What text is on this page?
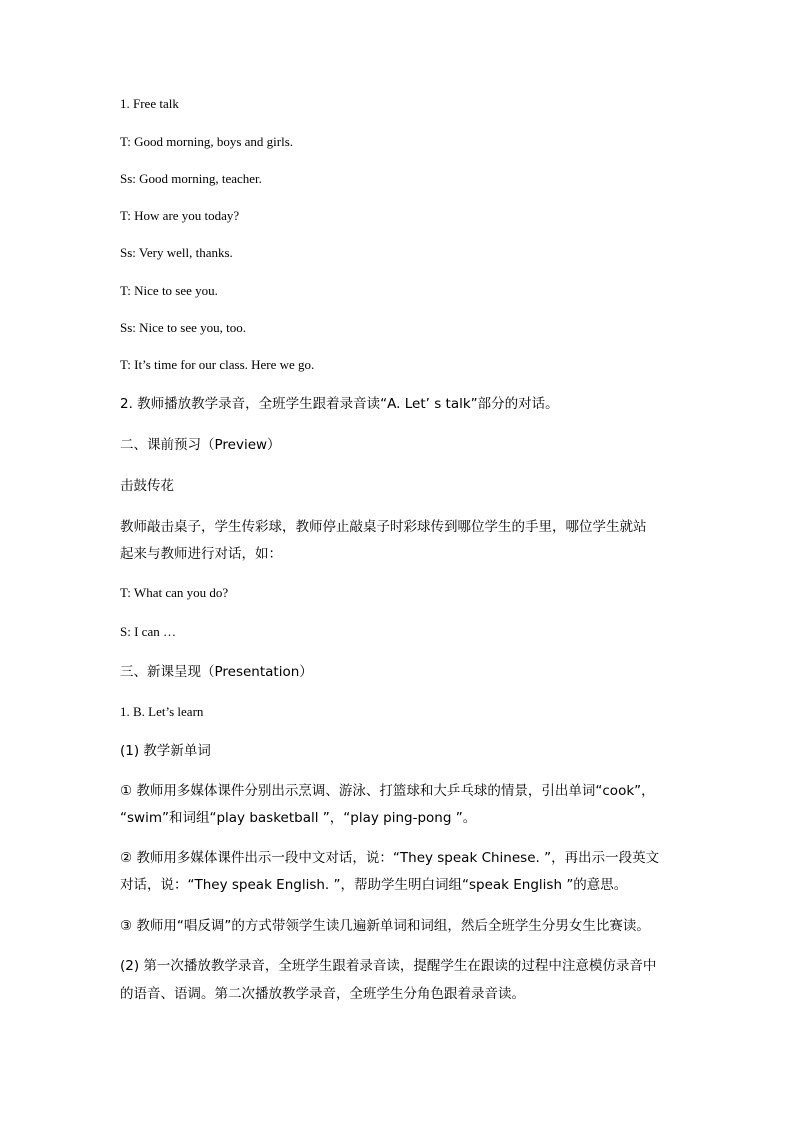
1. Free talk
T: Good morning, boys and girls.
Ss: Good morning, teacher.
T: How are you today?
Ss: Very well, thanks.
T: Nice to see you.
Ss: Nice to see you, too.
T: It’s time for our class. Here we go.
2. 教师播放教学录音，全班学生跟着录音读“A. Let’ s talk”部分的对话。
二、课前预习（Preview）
击鼓传花
教师敲击桌子，学生传彩球，教师停止敲桌子时彩球传到哪位学生的手里，哪位学生就站
起来与教师进行对话，如：
T: What can you do?
S: I can …
三、新课呈现（Presentation）
1. B. Let’s learn
(1) 教学新单词
① 教师用多媒体课件分别出示烹调、游泳、打篮球和大乒乓球的情景，引出单词“cook”，
“swim”和词组“play basketball ”，“play ping-pong ”。
② 教师用多媒体课件出示一段中文对话，说：“They speak Chinese. ”，再出示一段英文
对话，说：“They speak English. ”，帮助学生明白词组“speak English ”的意思。
③ 教师用“唱反调”的方式带领学生读几遍新单词和词组，然后全班学生分男女生比赛读。
(2) 第一次播放教学录音，全班学生跟着录音读，提醒学生在跟读的过程中注意模仿录音中
的语音、语调。第二次播放教学录音，全班学生分角色跟着录音读。
